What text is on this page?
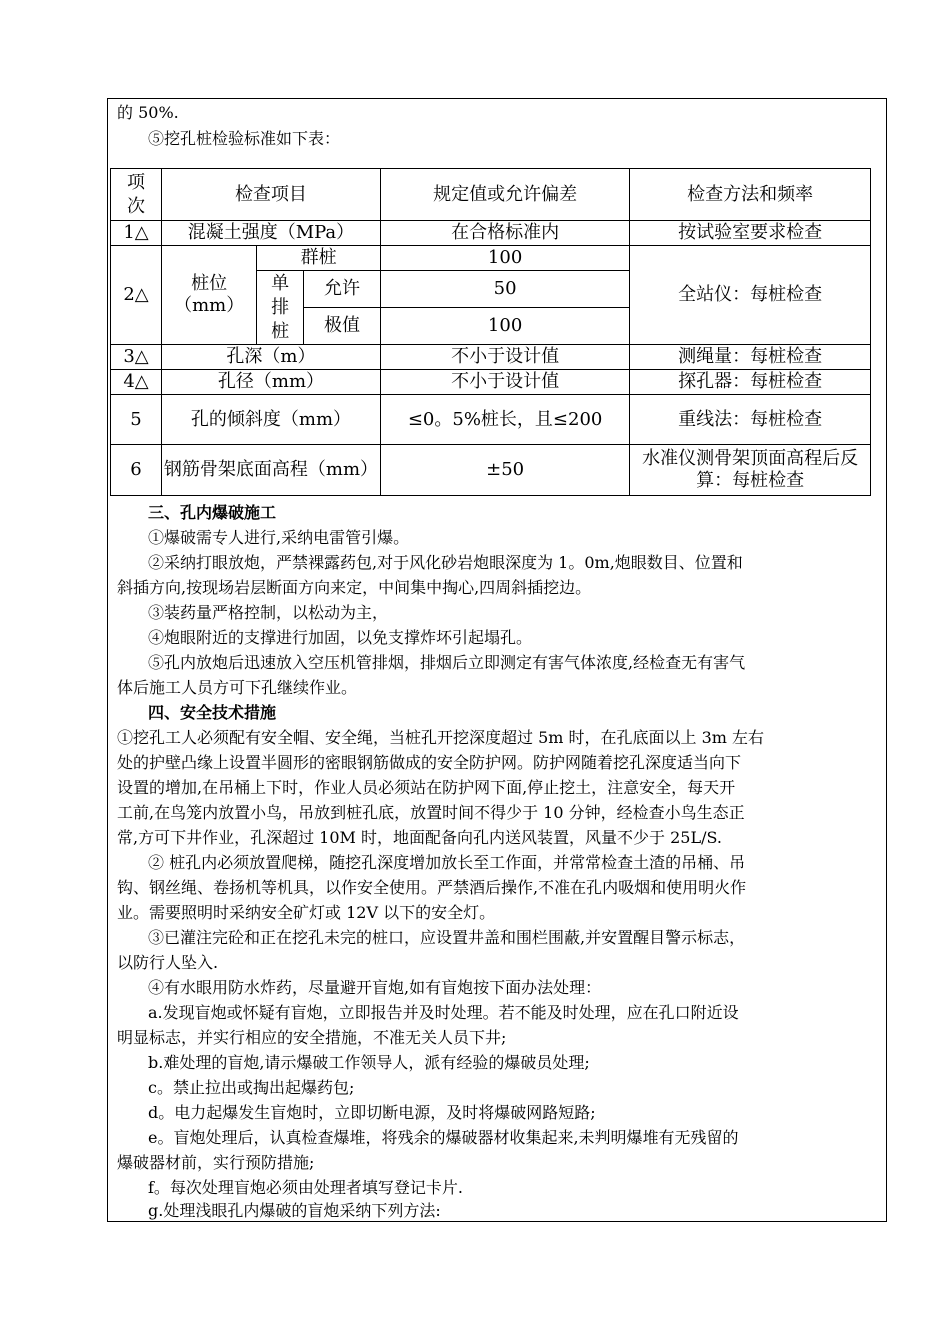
的 50%.

⑤挖孔桩检验标准如下表：

项次	检查项目			规定值或允许偏差	检查方法和频率
1△	混凝土强度（MPa）			在合格标准内	按试验室要求检查
2△	桩位（mm）	群桩		100	全站仪：每桩检查
		单排桩	允许	50	
			极值	100	
3△	孔深（m）			不小于设计值	测绳量：每桩检查
4△	孔径（mm）			不小于设计值	探孔器：每桩检查
5	孔的倾斜度（mm）			≤0。5%桩长，且≤200	重线法：每桩检查
6	钢筋骨架底面高程（mm）			±50	水准仪测骨架顶面高程后反算：每桩检查

三、孔内爆破施工

①爆破需专人进行,采纳电雷管引爆。

②采纳打眼放炮，严禁裸露药包,对于风化砂岩炮眼深度为 1。0m,炮眼数目、位置和

斜插方向,按现场岩层断面方向来定，中间集中掏心,四周斜插挖边。

③装药量严格控制，以松动为主，

④炮眼附近的支撑进行加固，以免支撑炸坏引起塌孔。

⑤孔内放炮后迅速放入空压机管排烟，排烟后立即测定有害气体浓度,经检查无有害气

体后施工人员方可下孔继续作业。

四、安全技术措施

①挖孔工人必须配有安全帽、安全绳，当桩孔开挖深度超过 5m 时，在孔底面以上 3m 左右

处的护壁凸缘上设置半圆形的密眼钢筋做成的安全防护网。防护网随着挖孔深度适当向下

设置的增加,在吊桶上下时，作业人员必须站在防护网下面,停止挖土，注意安全，每天开

工前,在鸟笼内放置小鸟，吊放到桩孔底，放置时间不得少于 10 分钟，经检查小鸟生态正

常,方可下井作业，孔深超过 10M 时，地面配备向孔内送风装置，风量不少于 25L/S.

② 桩孔内必须放置爬梯，随挖孔深度增加放长至工作面，并常常检查土渣的吊桶、吊

钩、钢丝绳、卷扬机等机具，以作安全使用。严禁酒后操作,不准在孔内吸烟和使用明火作

业。需要照明时采纳安全矿灯或 12V 以下的安全灯。

③已灌注完砼和正在挖孔未完的桩口，应设置井盖和围栏围蔽,并安置醒目警示标志，

以防行人坠入.

④有水眼用防水炸药，尽量避开盲炮,如有盲炮按下面办法处理：

a.发现盲炮或怀疑有盲炮，立即报告并及时处理。若不能及时处理，应在孔口附近设

明显标志，并实行相应的安全措施，不准无关人员下井;

b.难处理的盲炮,请示爆破工作领导人，派有经验的爆破员处理;

c。禁止拉出或掏出起爆药包;

d。电力起爆发生盲炮时，立即切断电源，及时将爆破网路短路;

e。盲炮处理后，认真检查爆堆，将残余的爆破器材收集起来,未判明爆堆有无残留的

爆破器材前，实行预防措施;

f。每次处理盲炮必须由处理者填写登记卡片.

g.处理浅眼孔内爆破的盲炮采纳下列方法:
